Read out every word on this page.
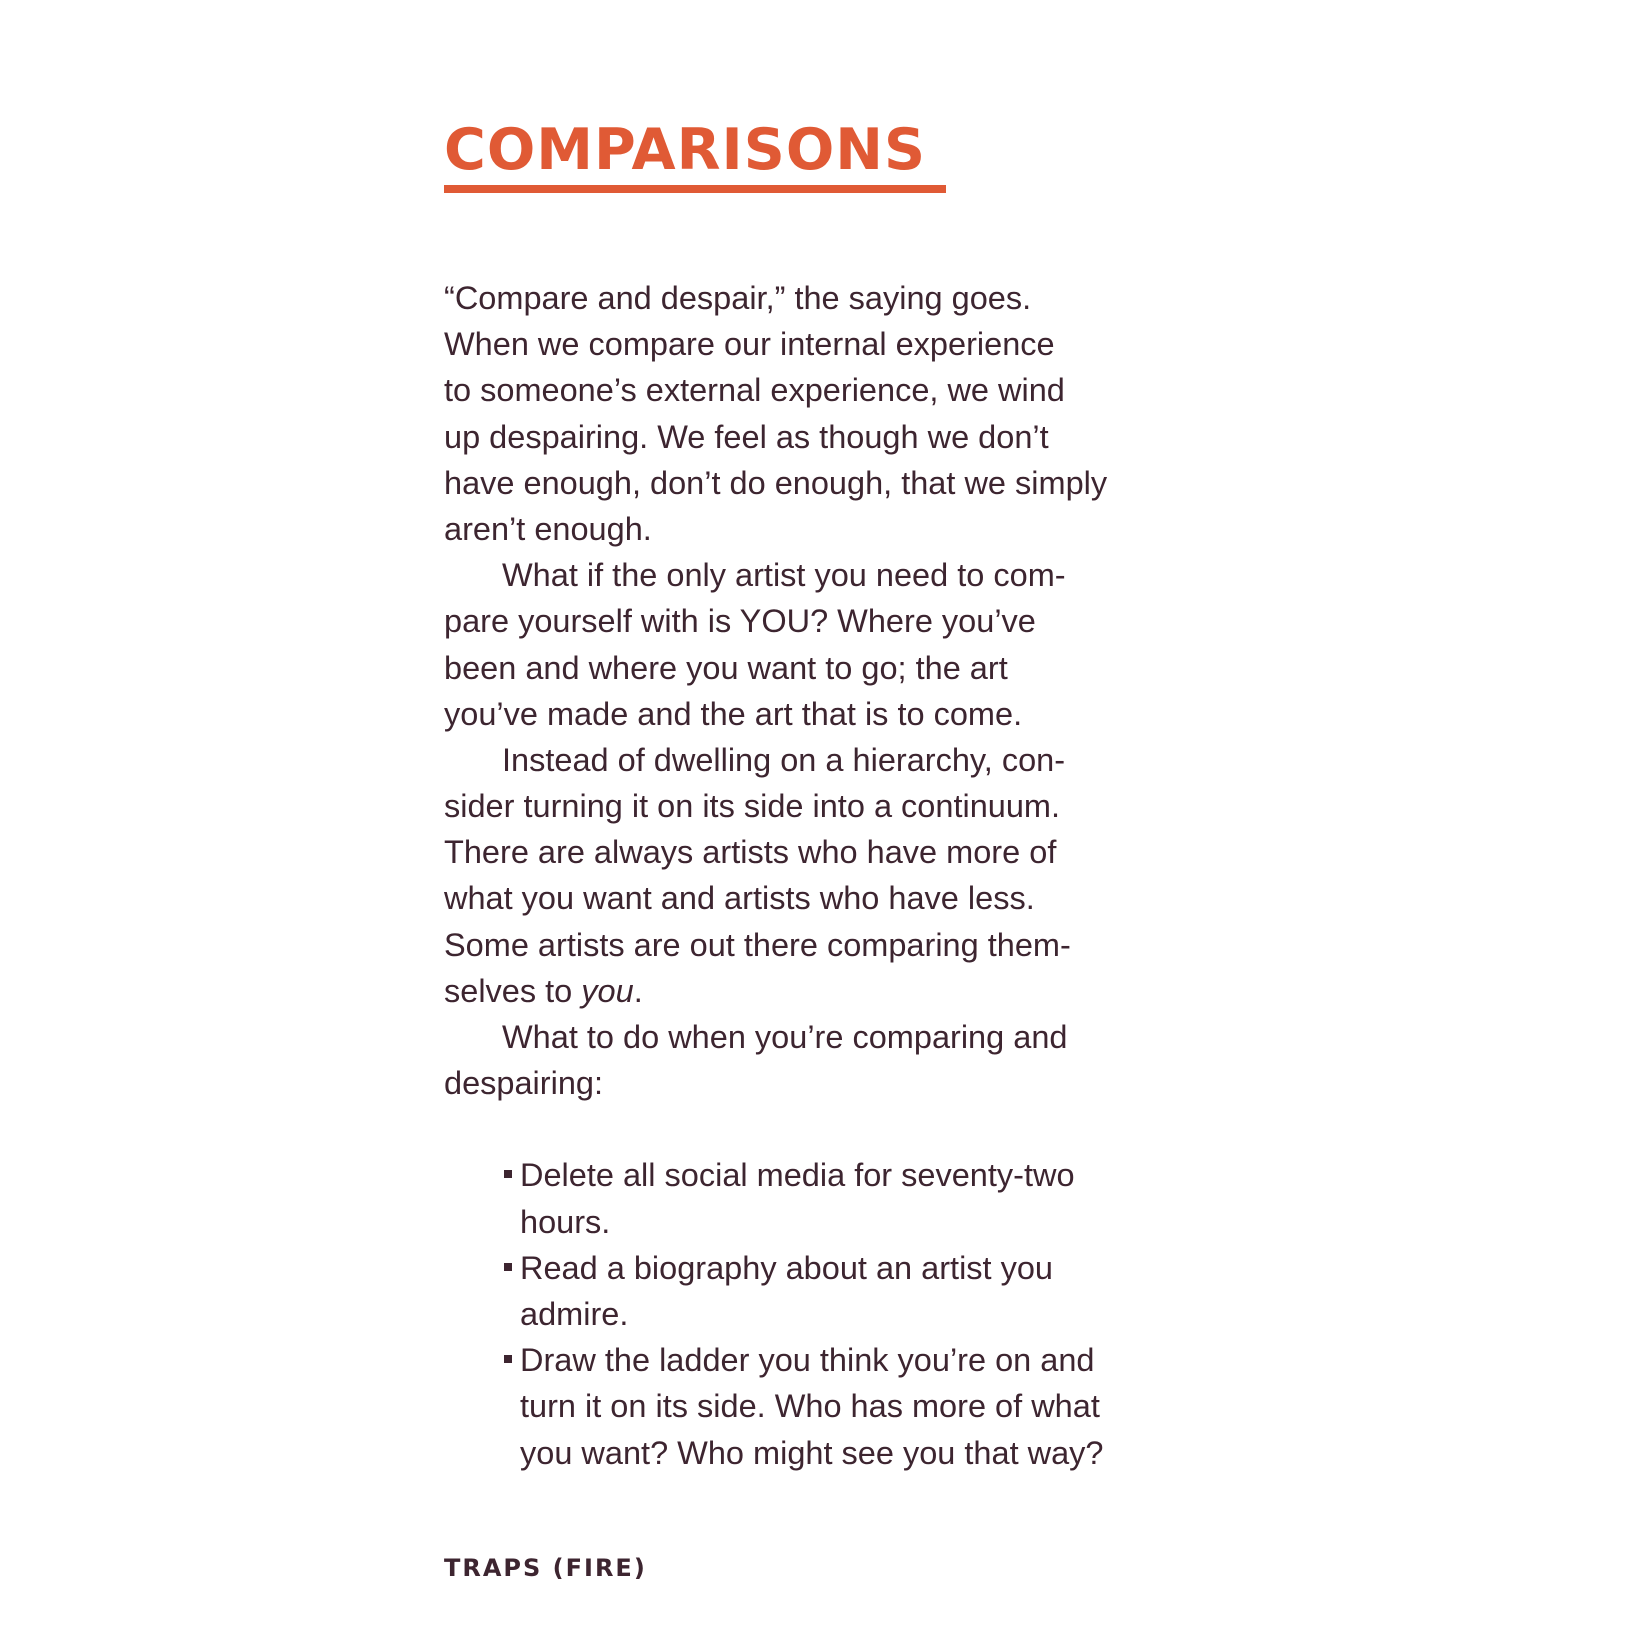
COMPARISONS
“Compare and despair,” the saying goes.
When we compare our internal experience
to someone’s external experience, we wind
up despairing. We feel as though we don’t
have enough, don’t do enough, that we simply
aren’t enough.
What if the only artist you need to com-
pare yourself with is YOU? Where you’ve
been and where you want to go; the art
you’ve made and the art that is to come.
Instead of dwelling on a hierarchy, con-
sider turning it on its side into a continuum.
There are always artists who have more of
what you want and artists who have less.
Some artists are out there comparing them-
selves to you.
What to do when you’re comparing and
despairing:
Delete all social media for seventy-two
hours.
Read a biography about an artist you
admire.
Draw the ladder you think you’re on and
turn it on its side. Who has more of what
you want? Who might see you that way?
TRAPS (FIRE)
